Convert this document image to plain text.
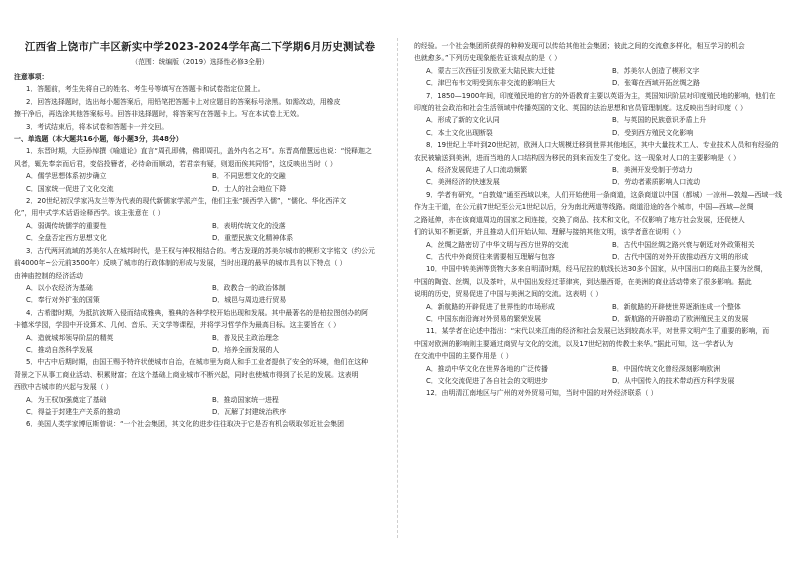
江西省上饶市广丰区新实中学2023-2024学年高二下学期6月历史测试卷

（范围：统编版（2019）选择性必修3全册）

注意事项：

1．答题前，考生先将自己的姓名、考生号等填写在答题卡和试卷指定位置上。

2．回答选择题时，选出每小题答案后，用铅笔把答题卡上对应题目的答案标号涂黑。如需改动，用橡皮

擦干净后，再选涂其他答案标号。回答非选择题时，将答案写在答题卡上。写在本试卷上无效。

3．考试结束后，将本试卷和答题卡一并交回。

一、单选题（本大题共16小题，每小题3分，共48分）

1．东晋时期，大臣孙绰撰《喻道论》直言“周孔即佛，佛即周孔，盖外内名之耳”。东晋高僧慧远也说：“悦释迦之

风者，辄先奉亲而后君，变俗投簪者，必待命而顺动，若君亲有疑，则退而俟其同悟”，这反映出当时（ ）

A．儒学思想体系初步确立	B．不同思想文化的交融

C．国家统一促进了文化交流	D．士人的社会地位下降

2．20世纪初汉学家冯友兰等为代表的现代新儒家学派产生，他们主张“援西学入儒”，“儒化、华化西洋文

化”，用中式学术话语诠释西学。该主张意在（ ）

A．弱调传统儒学的重要性	B．表明传统文化的没落

C．全盘否定西方思想文化	D．重塑民族文化精神体系

3．古代两河流域的苏美尔人在城邦时代，是王权与神权相结合的。考古发现的苏美尔城市的楔形文字铭文（约公元

前4000年~公元前3500年）反映了城市的行政体制的形成与发展，当时出现的最早的城市具有以下特点（ ）

由神庙控制的经济活动

A．以小农经济为基础	B．政教合一的政治体制

C．奉行对外扩张的国策	D．城邑与周边进行贸易

4．古希腊时期，为抵抗波斯入侵而结成雅典，雅典的各种学校开始出现和发展。其中最著名的是柏拉图创办的阿

卡德米学园，学园中开设算术、几何、音乐、天文学等课程，并将学习哲学作为最高目标。这主要旨在（ ）

A．造就城邦领导阶层的精英	B．普及民主政治理念

C．推动自然科学发展	D．培养全面发展的人

5．中古中后期时期，由国王赐予特许状使城市自治，在城市里为商人和手工业者提供了安全的环境，他们在这种

背景之下从事工商业活动、积累财富；在这个基础上商业城市不断兴起，同时也使城市得到了长足的发展。这表明

西欧中古城市的兴起与发展（ ）

A．为王权加强奠定了基础	B．推动国家统一进程

C．得益于封建生产关系的推动	D．瓦解了封建统治秩序

6．美国人类学家博厄斯曾说：“一个社会集团，其文化的进步往往取决于它是否有机会吸取邻近社会集团

的经验。一个社会集团所获得的种种发现可以传给其他社会集团；彼此之间的交流愈多样化，相互学习的机会

也就愈多。”下列历史现象能佐证该观点的是（ ）

A．蒙古三次西征引发欧亚大陆民族大迁徙	B．苏美尔人创造了楔形文字

C．津巴布韦文明受到东非交流的影响巨大	D．张骞在西域开拓丝绸之路

7．1850—1900年间，印度殖民地的官方的外语教育主要以英语为主，英国知识阶层对印度殖民地的影响，他们在

印度的社会政治和社会生活领域中传播英国的文化、英国的法治思想和官员管理制度。这反映出当时印度（ ）

A．形成了新的文化认同	B．与英国的民族意识矛盾上升

C．本土文化出现断裂	D．受到西方殖民文化影响

8．19世纪上半叶到20世纪初，欧洲人口大规模迁移到世界其他地区，其中大量技术工人、专业技术人员和有经验的

农民被输送到美洲，进而当地的人口结构因为移民的到来而发生了变化。这一现象对人口的主要影响是（ ）

A．经济发展促进了人口流动频繁	B．美洲开发受制于劳动力

C．美洲经济的快速发展	D．劳动者素质影响人口流动

9．学者有研究，“自敦煌”通至西域以来，人们开始使用一条商道，这条商道以中国（都城）一凉州—敦煌—西域一线

作为主干道，在公元前7世纪至公元1世纪以后，分为南北两道等线路。商道沿途的各个城市，中国—西域—丝绸

之路延伸，亦在该商道周边的国家之间连接，交换了商品、技术和文化，不仅影响了地方社会发展，还促使人

们的认知不断更新，并且推动人们开始认知、理解与接纳其他文明，该学者意在说明（ ）

A．丝绸之路密切了中华文明与西方世界的交流	B．古代中国丝绸之路兴衰与朝廷对外政策相关

C．古代中外商贸往来需要相互理解与包容	D．古代中国的对外开放推动西方文明的形成

10．中国中转美洲等货物大多来自明清时期，经马尼拉的航线长达30多个国家，从中国出口的商品主要为丝绸，

中国的陶瓷、丝绸，以及茶叶，从中国出发经过菲律宾，到达墨西哥，在美洲的商业活动带来了很多影响。据此

说明的历史，贸易促进了中国与美洲之间的交流。这表明（ ）

A．新航路的开辟促进了世界性的市场形成	B．新航路的开辟使世界逐渐连成一个整体

C．中国东南沿海对外贸易的繁荣发展	D．新航路的开辟推动了欧洲殖民主义的发展

11．某学者在论述中指出：“宋代以来江南的经济和社会发展已达到较高水平，对世界文明产生了重要的影响，而

中国对欧洲的影响则主要通过商贸与文化的交流，以及17世纪初的传教士来华。”据此可知，这一学者认为

在交流中中国的主要作用是（ ）

A．推动中华文化在世界各地的广泛传播	B．中国传统文化曾经深刻影响欧洲

C．文化交流促进了各自社会的文明进步	D．从中国传入的技术带动西方科学发展

12．由明清江南地区与广州的对外贸易可知，当时中国的对外经济联系（ ）
